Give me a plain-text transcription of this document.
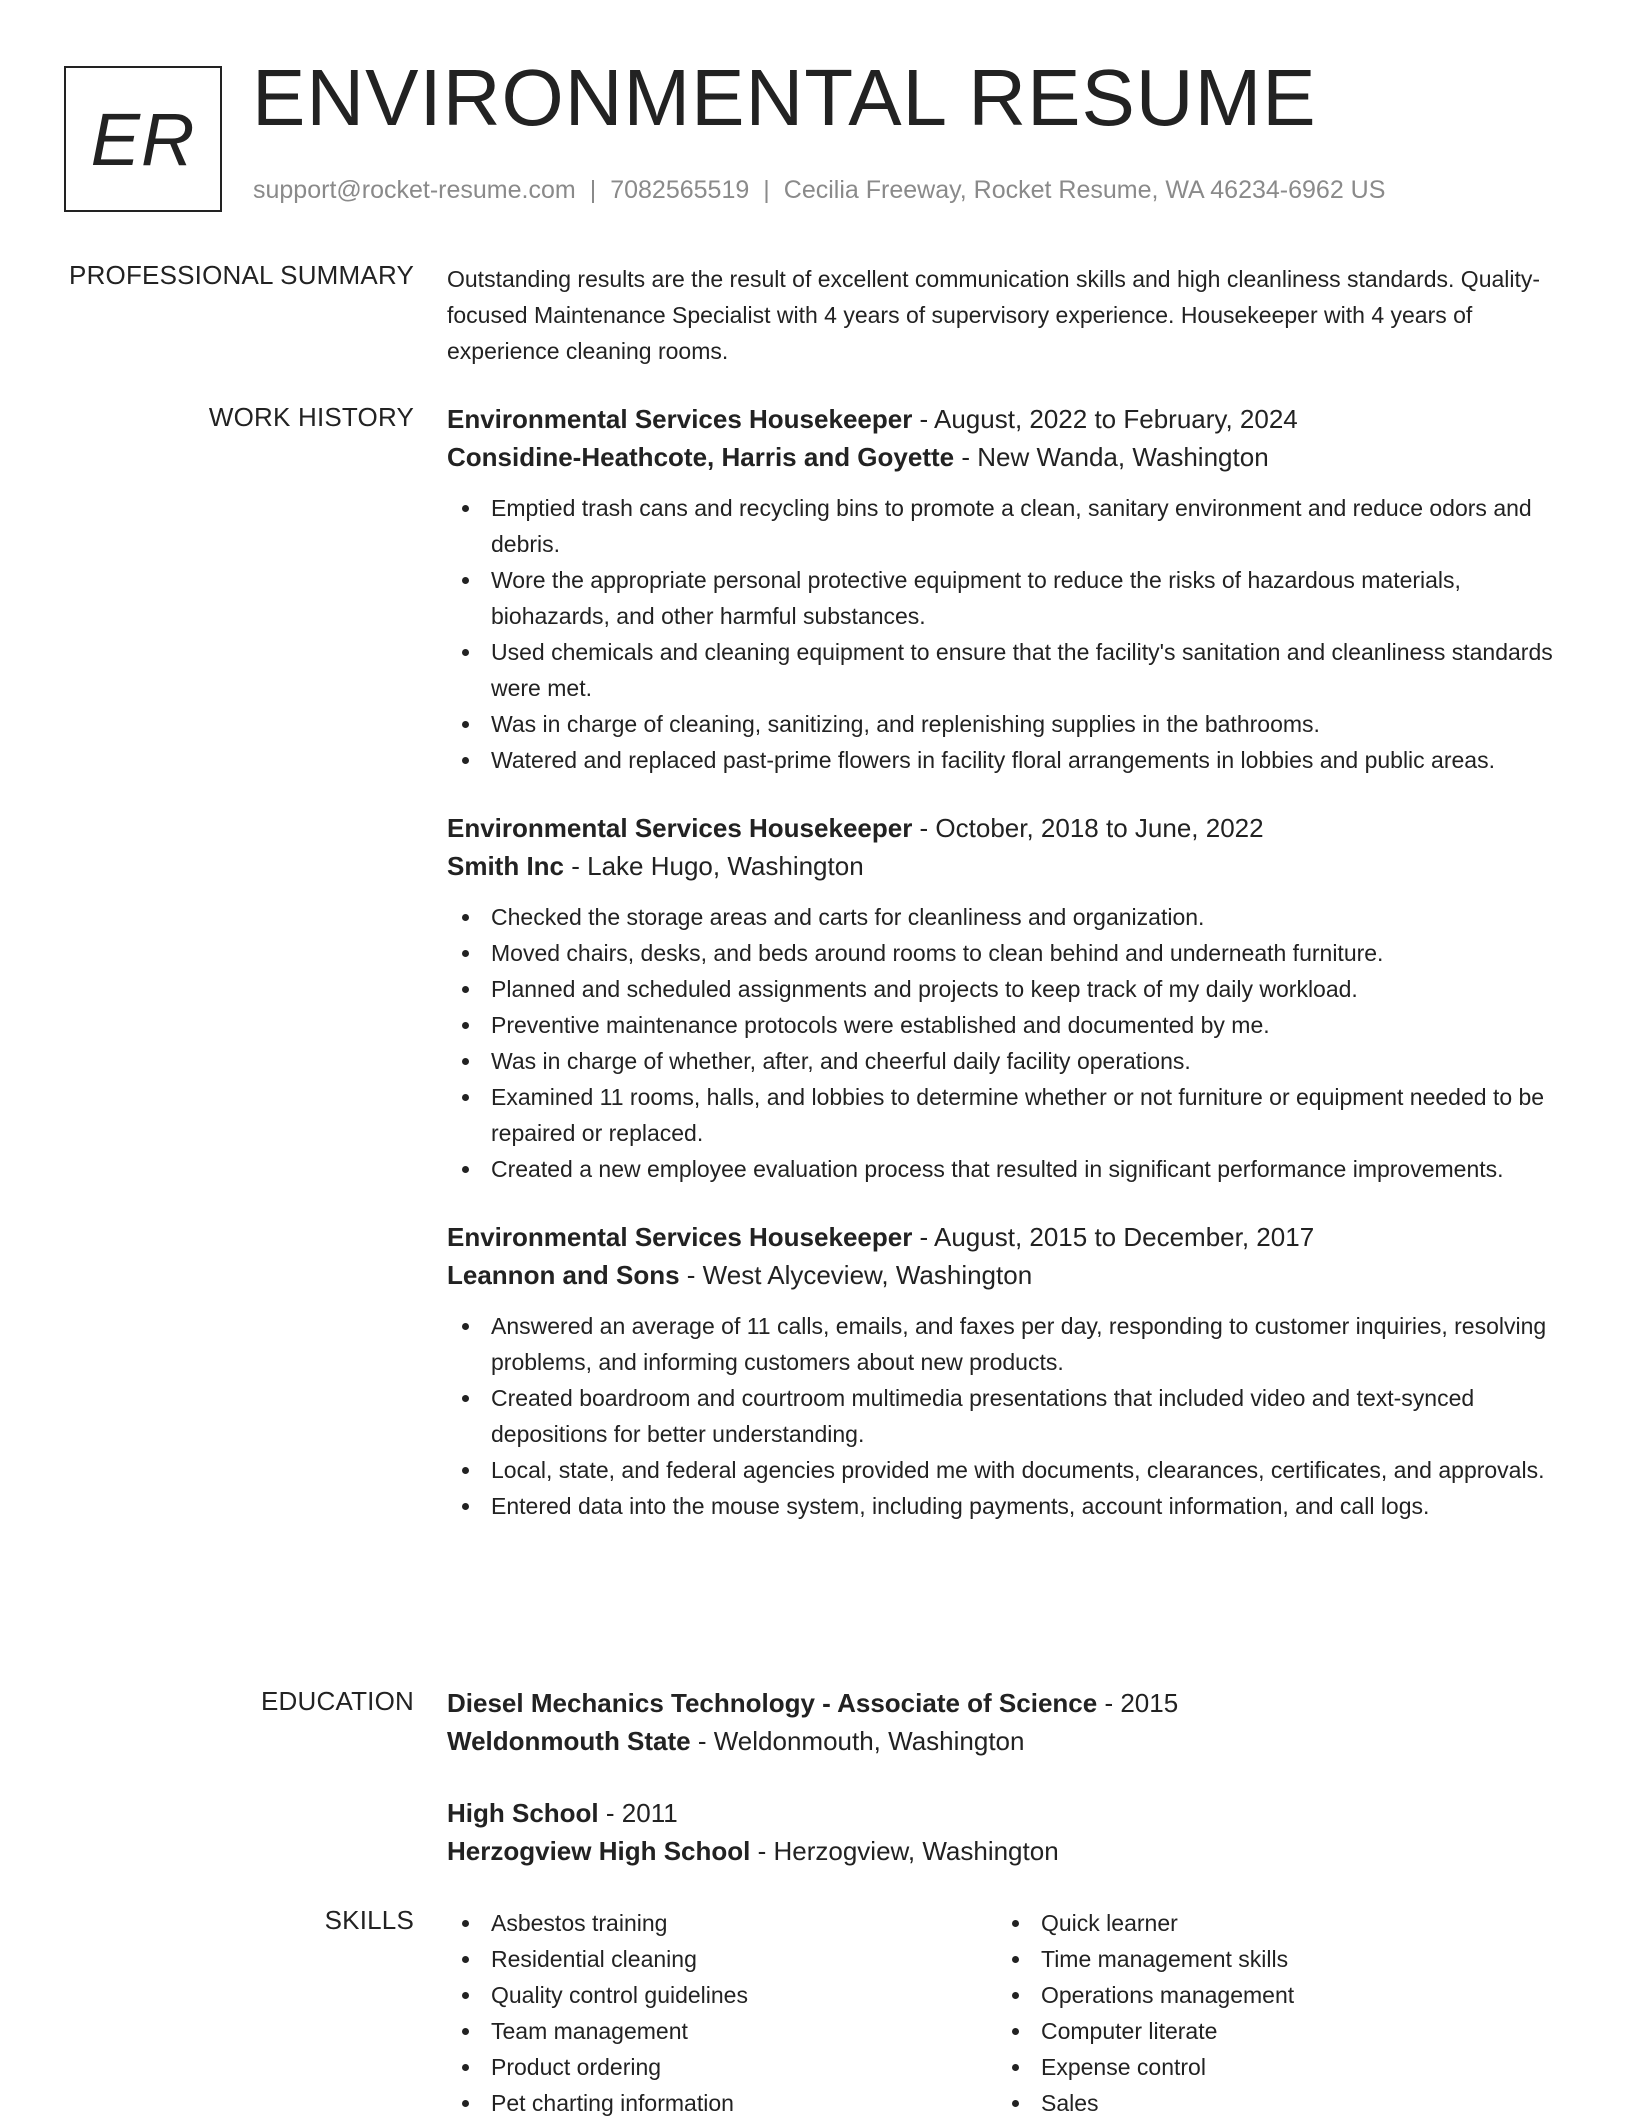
ER ENVIRONMENTAL RESUME
support@rocket-resume.com | 7082565519 | Cecilia Freeway, Rocket Resume, WA 46234-6962 US
PROFESSIONAL SUMMARY Outstanding results are the result of excellent communication skills and high cleanliness standards. Quality-focused Maintenance Specialist with 4 years of supervisory experience. Housekeeper with 4 years of experience cleaning rooms.

WORK HISTORY Environmental Services Housekeeper - August, 2022 to February, 2024
Considine-Heathcote, Harris and Goyette - New Wanda, Washington
Emptied trash cans and recycling bins to promote a clean, sanitary environment and reduce odors and debris.
Wore the appropriate personal protective equipment to reduce the risks of hazardous materials, biohazards, and other harmful substances.
Used chemicals and cleaning equipment to ensure that the facility's sanitation and cleanliness standards were met.
Was in charge of cleaning, sanitizing, and replenishing supplies in the bathrooms.
Watered and replaced past-prime flowers in facility floral arrangements in lobbies and public areas.
Environmental Services Housekeeper - October, 2018 to June, 2022
Smith Inc - Lake Hugo, Washington
Checked the storage areas and carts for cleanliness and organization.
Moved chairs, desks, and beds around rooms to clean behind and underneath furniture.
Planned and scheduled assignments and projects to keep track of my daily workload.
Preventive maintenance protocols were established and documented by me.
Was in charge of whether, after, and cheerful daily facility operations.
Examined 11 rooms, halls, and lobbies to determine whether or not furniture or equipment needed to be repaired or replaced.
Created a new employee evaluation process that resulted in significant performance improvements.
Environmental Services Housekeeper - August, 2015 to December, 2017
Leannon and Sons - West Alyceview, Washington
Answered an average of 11 calls, emails, and faxes per day, responding to customer inquiries, resolving problems, and informing customers about new products.
Created boardroom and courtroom multimedia presentations that included video and text-synced depositions for better understanding.
Local, state, and federal agencies provided me with documents, clearances, certificates, and approvals.
Entered data into the mouse system, including payments, account information, and call logs.
EDUCATION Diesel Mechanics Technology - Associate of Science - 2015
Weldonmouth State - Weldonmouth, Washington
High School - 2011
Herzogview High School - Herzogview, Washington
SKILLS	Asbestos training
Residential cleaning
Quality control guidelines
Team management
Product ordering
Pet charting information
Quick learner
Time management skills
Operations management
Computer literate
Expense control
Sales
